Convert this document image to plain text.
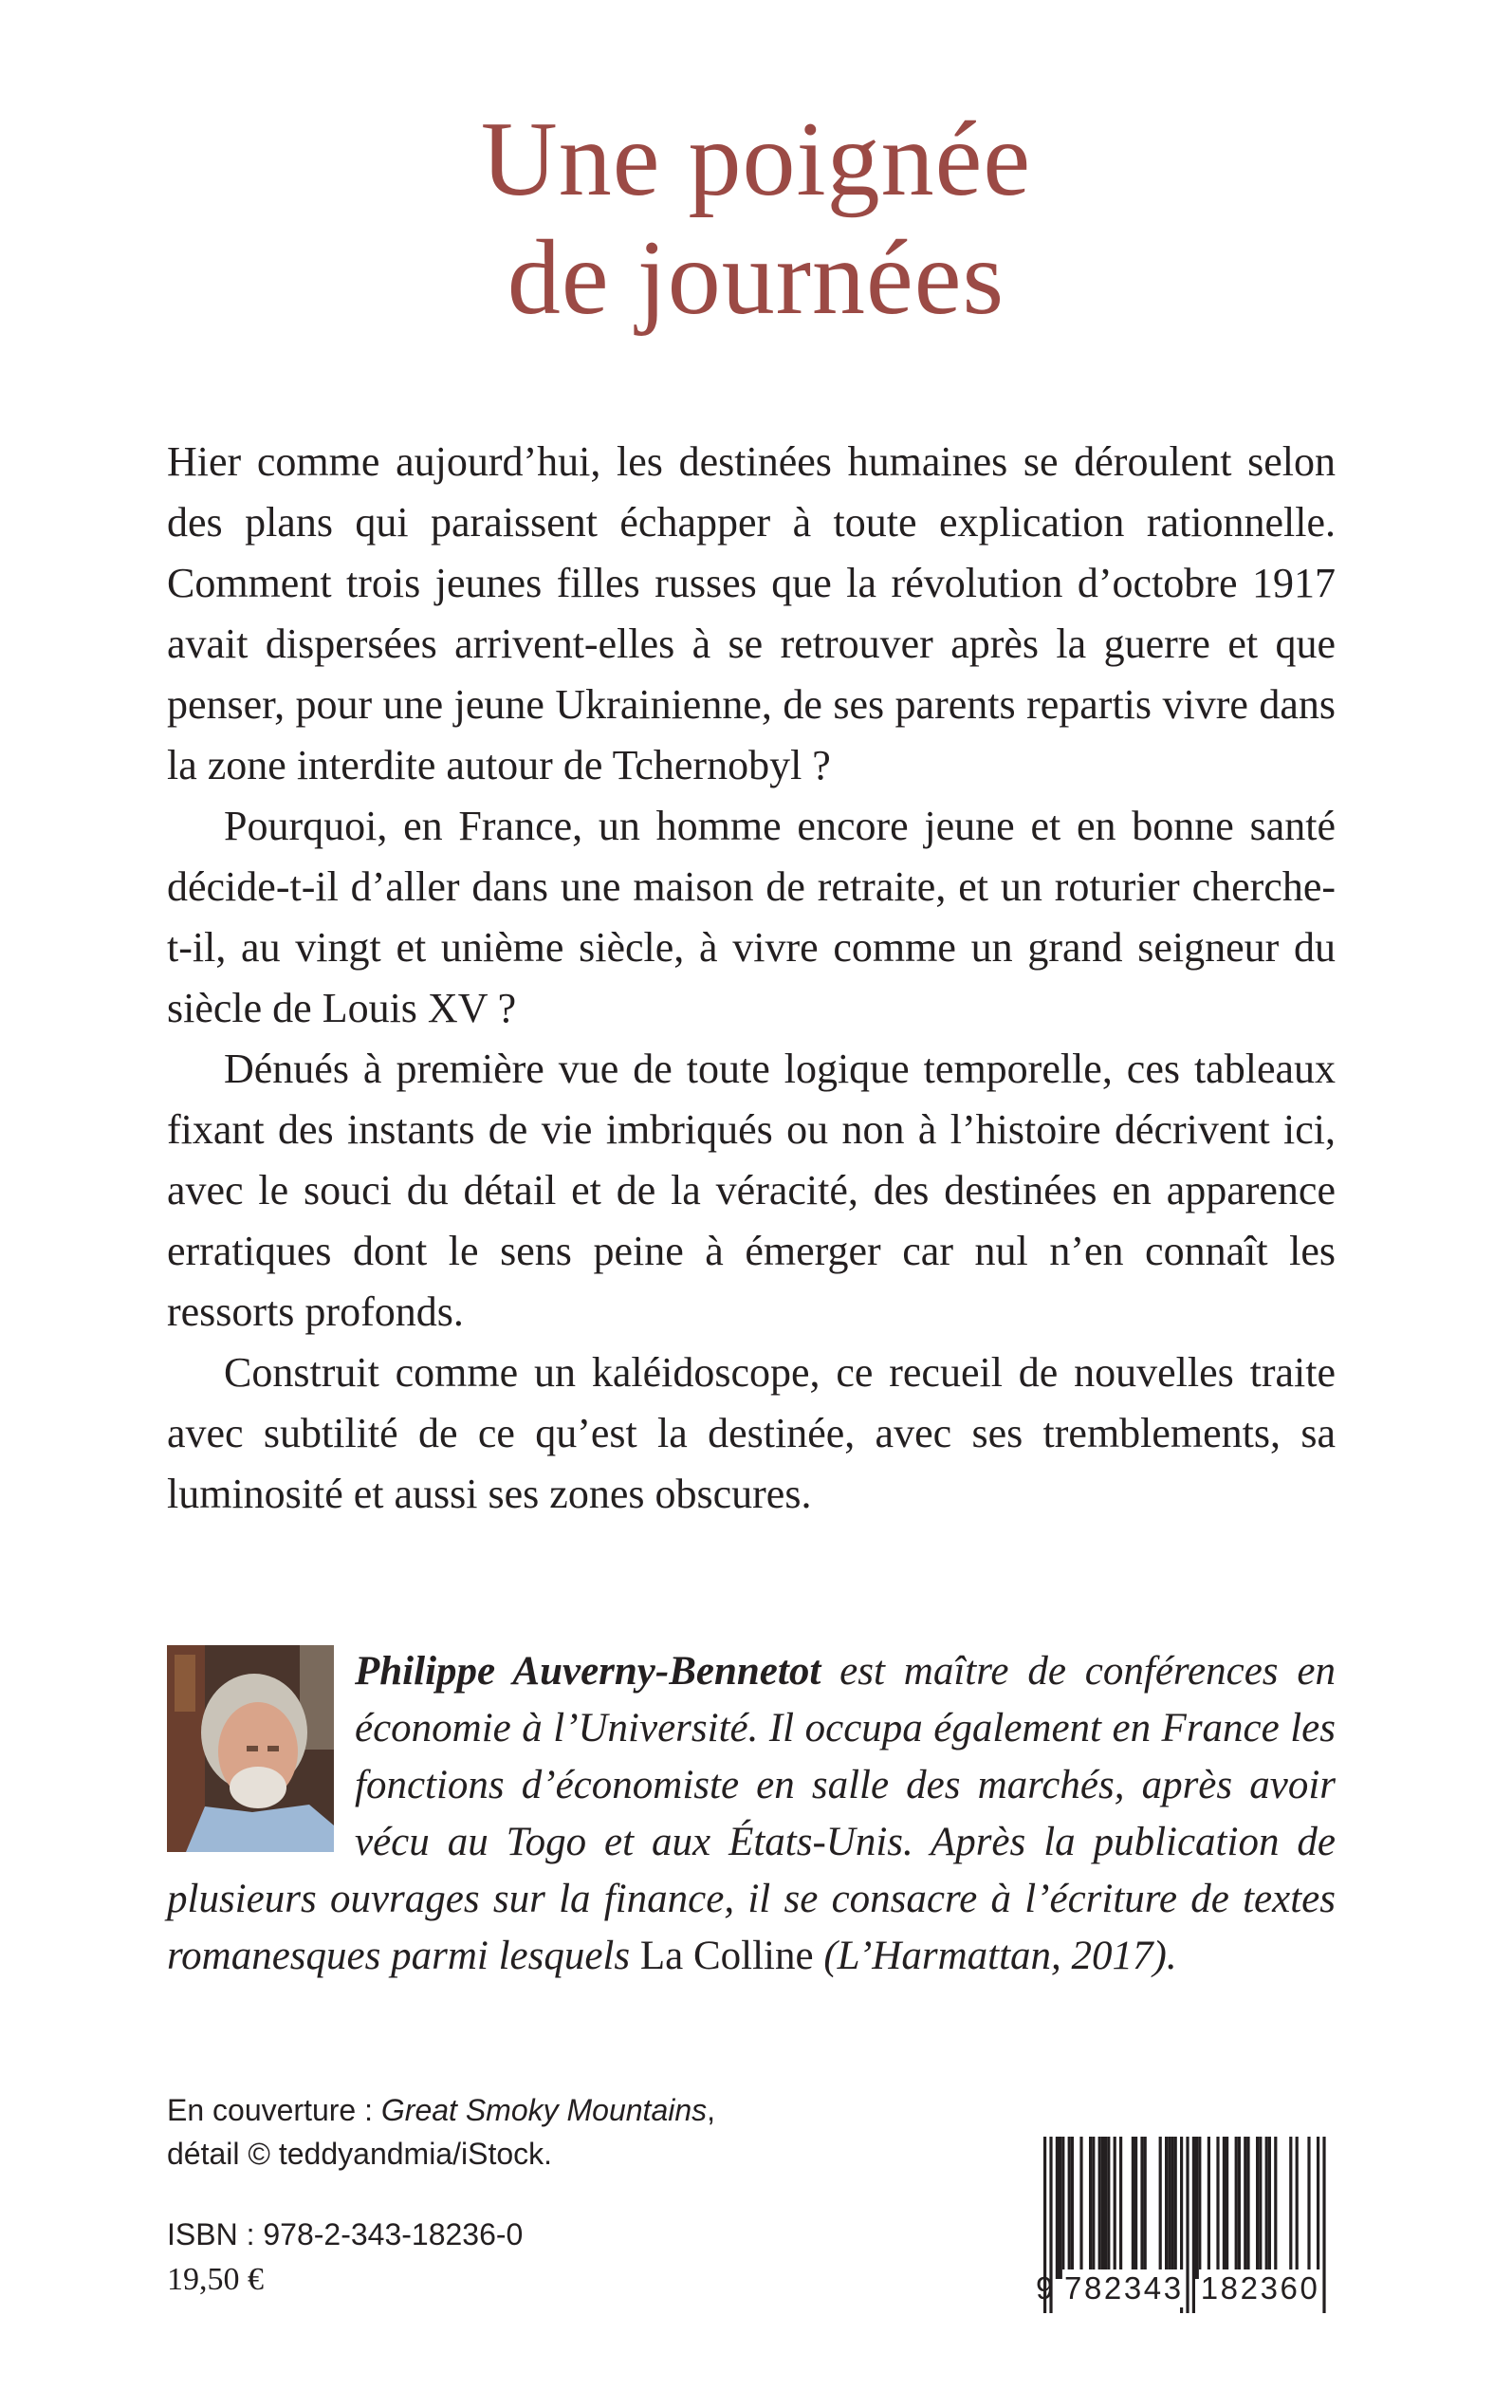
Une poignée
de journées

Hier comme aujourd’hui, les destinées humaines se déroulent selon des plans qui paraissent échapper à toute explication rationnelle. Comment trois jeunes filles russes que la révolution d’octobre 1917 avait dispersées arrivent-elles à se retrouver après la guerre et que penser, pour une jeune Ukrainienne, de ses parents repartis vivre dans la zone interdite autour de Tchernobyl ?

Pourquoi, en France, un homme encore jeune et en bonne santé décide-t-il d’aller dans une maison de retraite, et un roturier cherche-t-il, au vingt et unième siècle, à vivre comme un grand seigneur du siècle de Louis XV ?

Dénués à première vue de toute logique temporelle, ces tableaux fixant des instants de vie imbriqués ou non à l’histoire décrivent ici, avec le souci du détail et de la véracité, des destinées en apparence erratiques dont le sens peine à émerger car nul n’en connaît les ressorts profonds.

Construit comme un kaléidoscope, ce recueil de nouvelles traite avec subtilité de ce qu’est la destinée, avec ses tremblements, sa luminosité et aussi ses zones obscures.

Philippe Auverny-Bennetot est maître de conférences en économie à l’Université. Il occupa également en France les fonctions d’économiste en salle des marchés, après avoir vécu au Togo et aux États-Unis. Après la publication de plusieurs ouvrages sur la finance, il se consacre à l’écriture de textes romanesques parmi lesquels La Colline (L’Harmattan, 2017).
En couverture : Great Smoky Mountains,
détail © teddyandmia/iStock.
ISBN : 978-2-343-18236-0
19,50 €	9 782343 182360
